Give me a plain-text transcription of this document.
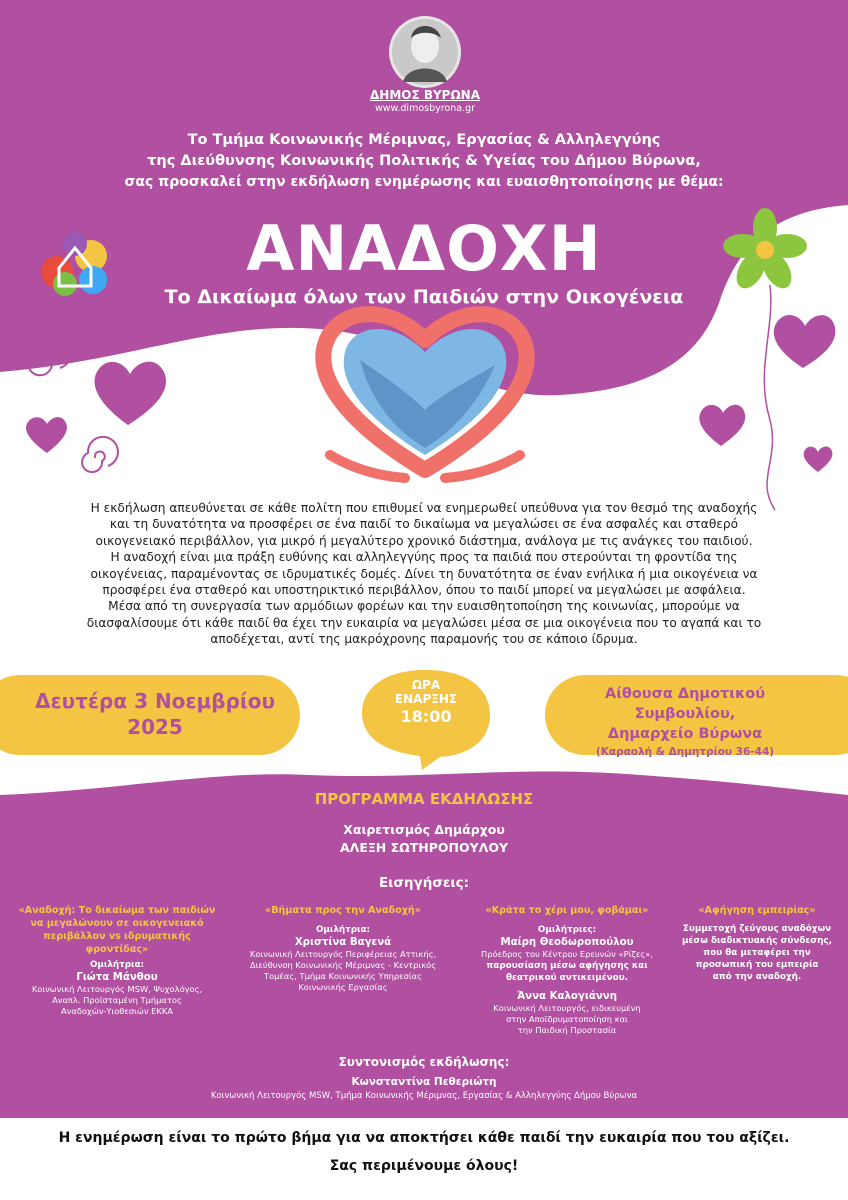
ΔΗΜΟΣ ΒΥΡΩΝΑ
www.dimosbyrona.gr
Το Τμήμα Κοινωνικής Μέριμνας, Εργασίας & Αλληλεγγύης
της Διεύθυνσης Κοινωνικής Πολιτικής & Υγείας του Δήμου Βύρωνα,
σας προσκαλεί στην εκδήλωση ενημέρωσης και ευαισθητοποίησης με θέμα:
ΑΝΑΔΟΧΗ
Το Δικαίωμα όλων των Παιδιών στην Οικογένεια
Η εκδήλωση απευθύνεται σε κάθε πολίτη που επιθυμεί να ενημερωθεί υπεύθυνα για τον θεσμό της αναδοχής
και τη δυνατότητα να προσφέρει σε ένα παιδί το δικαίωμα να μεγαλώσει σε ένα ασφαλές και σταθερό
οικογενειακό περιβάλλον, για μικρό ή μεγαλύτερο χρονικό διάστημα, ανάλογα με τις ανάγκες του παιδιού.
Η αναδοχή είναι μια πράξη ευθύνης και αλληλεγγύης προς τα παιδιά που στερούνται τη φροντίδα της
οικογένειας, παραμένοντας σε ιδρυματικές δομές. Δίνει τη δυνατότητα σε έναν ενήλικα ή μια οικογένεια να
προσφέρει ένα σταθερό και υποστηρικτικό περιβάλλον, όπου το παιδί μπορεί να μεγαλώσει με ασφάλεια.
Μέσα από τη συνεργασία των αρμόδιων φορέων και την ευαισθητοποίηση της κοινωνίας, μπορούμε να
διασφαλίσουμε ότι κάθε παιδί θα έχει την ευκαιρία να μεγαλώσει μέσα σε μια οικογένεια που το αγαπά και το
αποδέχεται, αντί της μακρόχρονης παραμονής του σε κάποιο ίδρυμα.
Δευτέρα 3 Νοεμβρίου
2025
ΩΡΑ
ΕΝΑΡΞΗΣ
18:00
Αίθουσα Δημοτικού Συμβουλίου,
Δημαρχείο Βύρωνα
(Καραολή & Δημητρίου 36-44)
ΠΡΟΓΡΑΜΜΑ ΕΚΔΗΛΩΣΗΣ
Χαιρετισμός Δημάρχου
ΑΛΕΞΗ ΣΩΤΗΡΟΠΟΥΛΟΥ
Εισηγήσεις:
«Αναδοχή: Το δικαίωμα των παιδιών
να μεγαλώνουν σε οικογενειακό
περιβάλλον vs ιδρυματικής
φροντίδας»
Ομιλήτρια:
Γιώτα Μάνθου
Κοινωνική Λειτουργός MSW, Ψυχολόγος,
Αναπλ. Προϊσταμένη Τμήματος
Αναδοχών-Υιοθεσιών ΕΚΚΑ
«Βήματα προς την Αναδοχή»
Ομιλήτρια:
Χριστίνα Βαγενά
Κοινωνική Λειτουργός Περιφέρειας Αττικής,
Διεύθυνση Κοινωνικής Μέριμνας - Κεντρικός
Τομέας, Τμήμα Κοινωνικής Υπηρεσίας
Κοινωνικής Εργασίας
«Κράτα το χέρι μου, φοβάμαι»
Ομιλήτριες:
Μαίρη Θεοδωροπούλου
Πρόεδρος του Κέντρου Ερευνών «Ρίζες»,
παρουσίαση μέσω αφήγησης και
θεατρικού αντικειμένου.
Άννα Καλογιάννη
Κοινωνική Λειτουργός, ειδικευμένη
στην Αποϊδρυματοποίηση και
την Παιδική Προστασία
«Αφήγηση εμπειρίας»
Συμμετοχή ζεύγους αναδόχων
μέσω διαδικτυακής σύνδεσης,
που θα μεταφέρει την
προσωπική του εμπειρία
από την αναδοχή.
Συντονισμός εκδήλωσης:
Κωνσταντίνα Πεθεριώτη
Κοινωνική Λειτουργός MSW, Τμήμα Κοινωνικής Μέριμνας, Εργασίας & Αλληλεγγύης Δήμου Βύρωνα
Η ενημέρωση είναι το πρώτο βήμα για να αποκτήσει κάθε παιδί την ευκαιρία που του αξίζει.
Σας περιμένουμε όλους!
